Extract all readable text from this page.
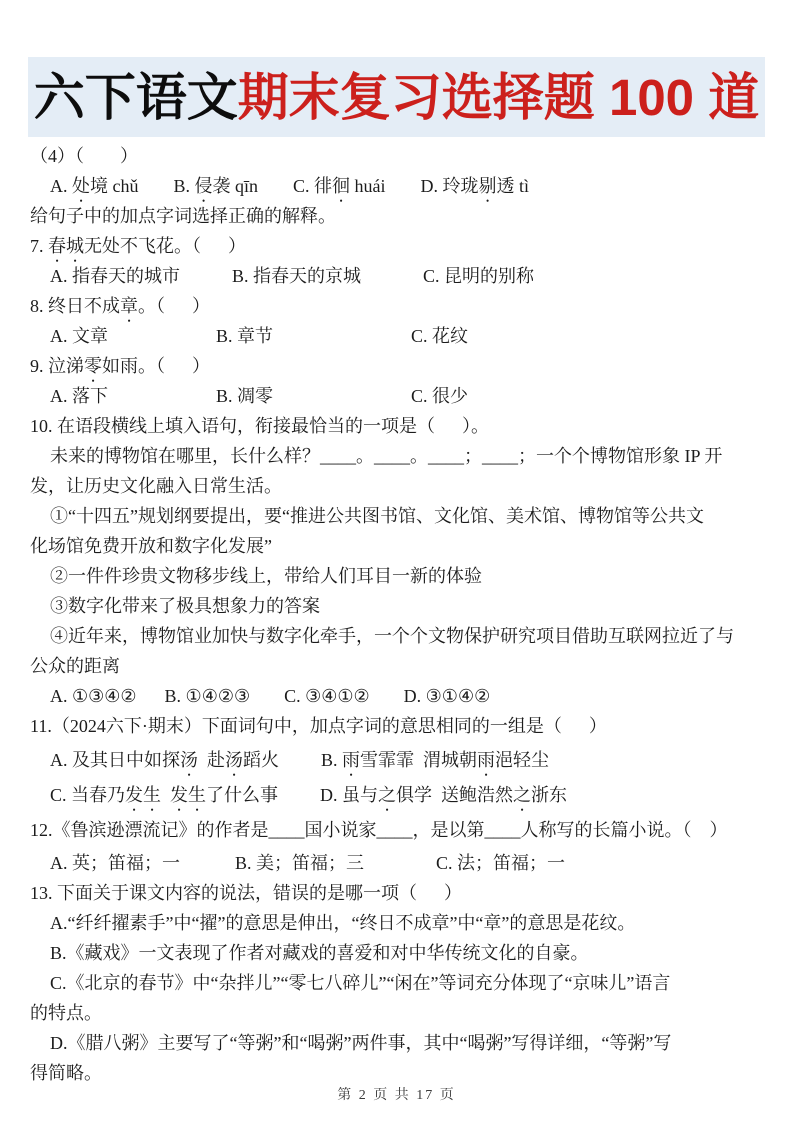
六下语文 期末复习选择题 100 道
（4）（        ）
A. 处境 chǔ B. 侵袭 qīn C. 徘徊 huái D. 玲珑剔透 tì
给句子中的加点字词选择正确的解释。
7. 春城无处不飞花。（      ）
A. 指春天的城市	B. 指春天的京城	C. 昆明的别称
8. 终日不成章。（      ）
A. 文章	B. 章节	C. 花纹
9. 泣涕零如雨。（      ）
A. 落下	B. 凋零	C. 很少
10. 在语段横线上填入语句，衔接最恰当的一项是（      ）。
未来的博物馆在哪里，长什么样？____。____。____；____；一个个博物馆形象 IP 开
发，让历史文化融入日常生活。
①“十四五”规划纲要提出，要“推进公共图书馆、文化馆、美术馆、博物馆等公共文
化场馆免费开放和数字化发展”
②一件件珍贵文物移步线上，带给人们耳目一新的体验
③数字化带来了极具想象力的答案
④近年来，博物馆业加快与数字化牵手，一个个文物保护研究项目借助互联网拉近了与
公众的距离
A. ①③④② B. ①④②③ C. ③④①② D. ③①④②
11.（2024六下·期末）下面词句中，加点字词的意思相同的一组是（      ）
A. 及其日中如探汤  赴汤蹈火 B. 雨雪霏霏  渭城朝雨浥轻尘
C. 当春乃发生 发生了什么事 D. 虽与之俱学  送鲍浩然之浙东
12.《鲁滨逊漂流记》的作者是____国小说家____，是以第____人称写的长篇小说。（    ）
A. 英；笛福；一	B. 美；笛福；三	C. 法；笛福；一
13. 下面关于课文内容的说法，错误的是哪一项（      ）
A.“纤纤擢素手”中“擢”的意思是伸出，“终日不成章”中“章”的意思是花纹。
B.《藏戏》一文表现了作者对藏戏的喜爱和对中华传统文化的自豪。
C.《北京的春节》中“杂拌儿”“零七八碎儿”“闲在”等词充分体现了“京味儿”语言
的特点。
D.《腊八粥》主要写了“等粥”和“喝粥”两件事，其中“喝粥”写得详细，“等粥”写
得简略。
第 2 页 共 17 页
